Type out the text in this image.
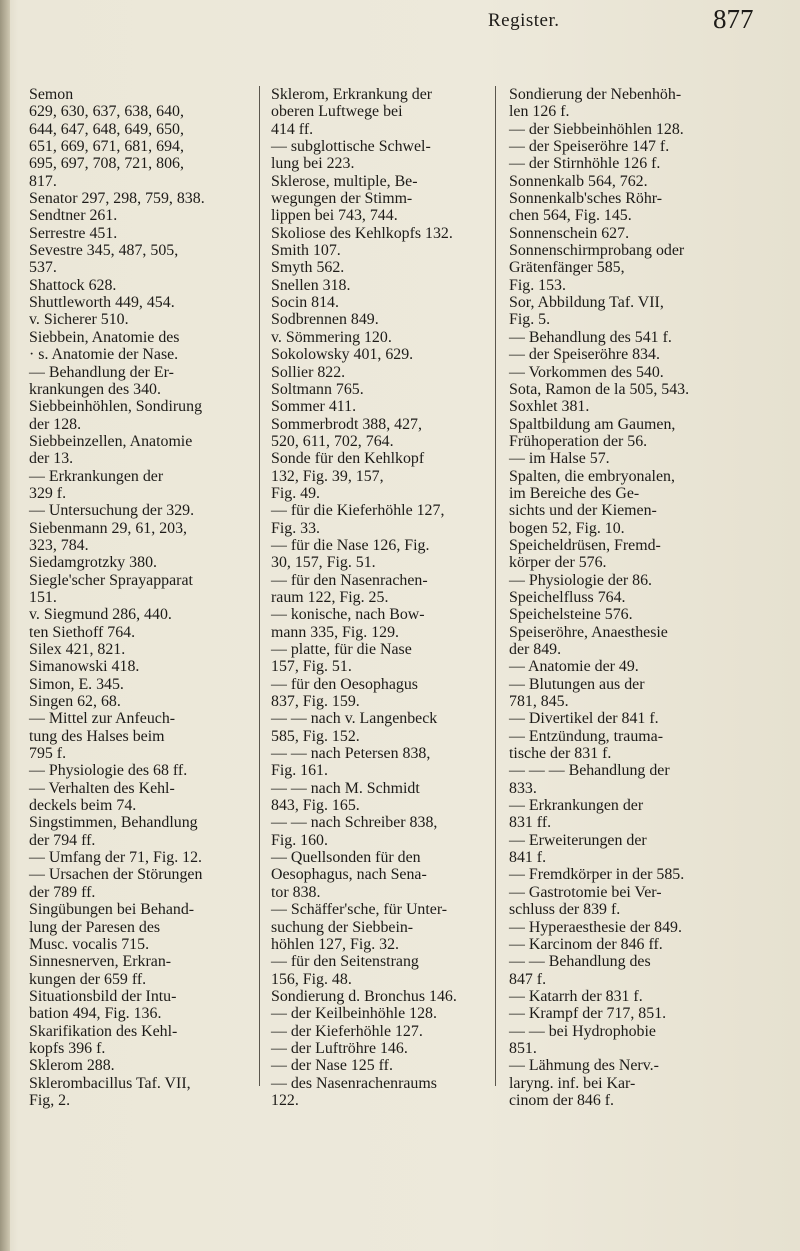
Register.	877

Semon

629, 630, 637, 638, 640,

644, 647, 648, 649, 650,

651, 669, 671, 681, 694,

695, 697, 708, 721, 806,

817.

Senator 297, 298, 759, 838.

Sendtner 261.

Serrestre 451.

Sevestre 345, 487, 505,

537.

Shattock 628.

Shuttleworth 449, 454.

v. Sicherer 510.

Siebbein, Anatomie des

· s. Anatomie der Nase.

— Behandlung der Er-

krankungen des 340.

Siebbeinhöhlen, Sondirung

der 128.

Siebbeinzellen, Anatomie

der 13.

— Erkrankungen der

329 f.

— Untersuchung der 329.

Siebenmann 29, 61, 203,

323, 784.

Siedamgrotzky 380.

Siegle'scher Sprayapparat

151.

v. Siegmund 286, 440.

ten Siethoff 764.

Silex 421, 821.

Simanowski 418.

Simon, E. 345.

Singen 62, 68.

— Mittel zur Anfeuch-

tung des Halses beim

795 f.

— Physiologie des 68 ff.

— Verhalten des Kehl-

deckels beim 74.

Singstimmen, Behandlung

der 794 ff.

— Umfang der 71, Fig. 12.

— Ursachen der Störungen

der 789 ff.

Singübungen bei Behand-

lung der Paresen des

Musc. vocalis 715.

Sinnesnerven, Erkran-

kungen der 659 ff.

Situationsbild der Intu-

bation 494, Fig. 136.

Skarifikation des Kehl-

kopfs 396 f.

Sklerom 288.

Sklerombacillus Taf. VII,

Fig, 2.

Sklerom, Erkrankung der

oberen Luftwege bei

414 ff.

— subglottische Schwel-

lung bei 223.

Sklerose, multiple, Be-

wegungen der Stimm-

lippen bei 743, 744.

Skoliose des Kehlkopfs 132.

Smith 107.

Smyth 562.

Snellen 318.

Socin 814.

Sodbrennen 849.

v. Sömmering 120.

Sokolowsky 401, 629.

Sollier 822.

Soltmann 765.

Sommer 411.

Sommerbrodt 388, 427,

520, 611, 702, 764.

Sonde für den Kehlkopf

132, Fig. 39, 157,

Fig. 49.

— für die Kieferhöhle 127,

Fig. 33.

— für die Nase 126, Fig.

30, 157, Fig. 51.

— für den Nasenrachen-

raum 122, Fig. 25.

— konische, nach Bow-

mann 335, Fig. 129.

— platte, für die Nase

157, Fig. 51.

— für den Oesophagus

837, Fig. 159.

— — nach v. Langenbeck

585, Fig. 152.

— — nach Petersen 838,

Fig. 161.

— — nach M. Schmidt

843, Fig. 165.

— — nach Schreiber 838,

Fig. 160.

— Quellsonden für den

Oesophagus, nach Sena-

tor 838.

— Schäffer'sche, für Unter-

suchung der Siebbein-

höhlen 127, Fig. 32.

— für den Seitenstrang

156, Fig. 48.

Sondierung d. Bronchus 146.

— der Keilbeinhöhle 128.

— der Kieferhöhle 127.

— der Luftröhre 146.

— der Nase 125 ff.

— des Nasenrachenraums

122.

Sondierung der Nebenhöh-

len 126 f.

— der Siebbeinhöhlen 128.

— der Speiseröhre 147 f.

— der Stirnhöhle 126 f.

Sonnenkalb 564, 762.

Sonnenkalb'sches Röhr-

chen 564, Fig. 145.

Sonnenschein 627.

Sonnenschirmprobang oder

Grätenfänger 585,

Fig. 153.

Sor, Abbildung Taf. VII,

Fig. 5.

— Behandlung des 541 f.

— der Speiseröhre 834.

— Vorkommen des 540.

Sota, Ramon de la 505, 543.

Soxhlet 381.

Spaltbildung am Gaumen,

Frühoperation der 56.

— im Halse 57.

Spalten, die embryonalen,

im Bereiche des Ge-

sichts und der Kiemen-

bogen 52, Fig. 10.

Speicheldrüsen, Fremd-

körper der 576.

— Physiologie der 86.

Speichelfluss 764.

Speichelsteine 576.

Speiseröhre, Anaesthesie

der 849.

— Anatomie der 49.

— Blutungen aus der

781, 845.

— Divertikel der 841 f.

— Entzündung, trauma-

tische der 831 f.

— — — Behandlung der

833.

— Erkrankungen der

831 ff.

— Erweiterungen der

841 f.

— Fremdkörper in der 585.

— Gastrotomie bei Ver-

schluss der 839 f.

— Hyperaesthesie der 849.

— Karcinom der 846 ff.

— — Behandlung des

847 f.

— Katarrh der 831 f.

— Krampf der 717, 851.

— — bei Hydrophobie

851.

— Lähmung des Nerv.-

laryng. inf. bei Kar-

cinom der 846 f.
